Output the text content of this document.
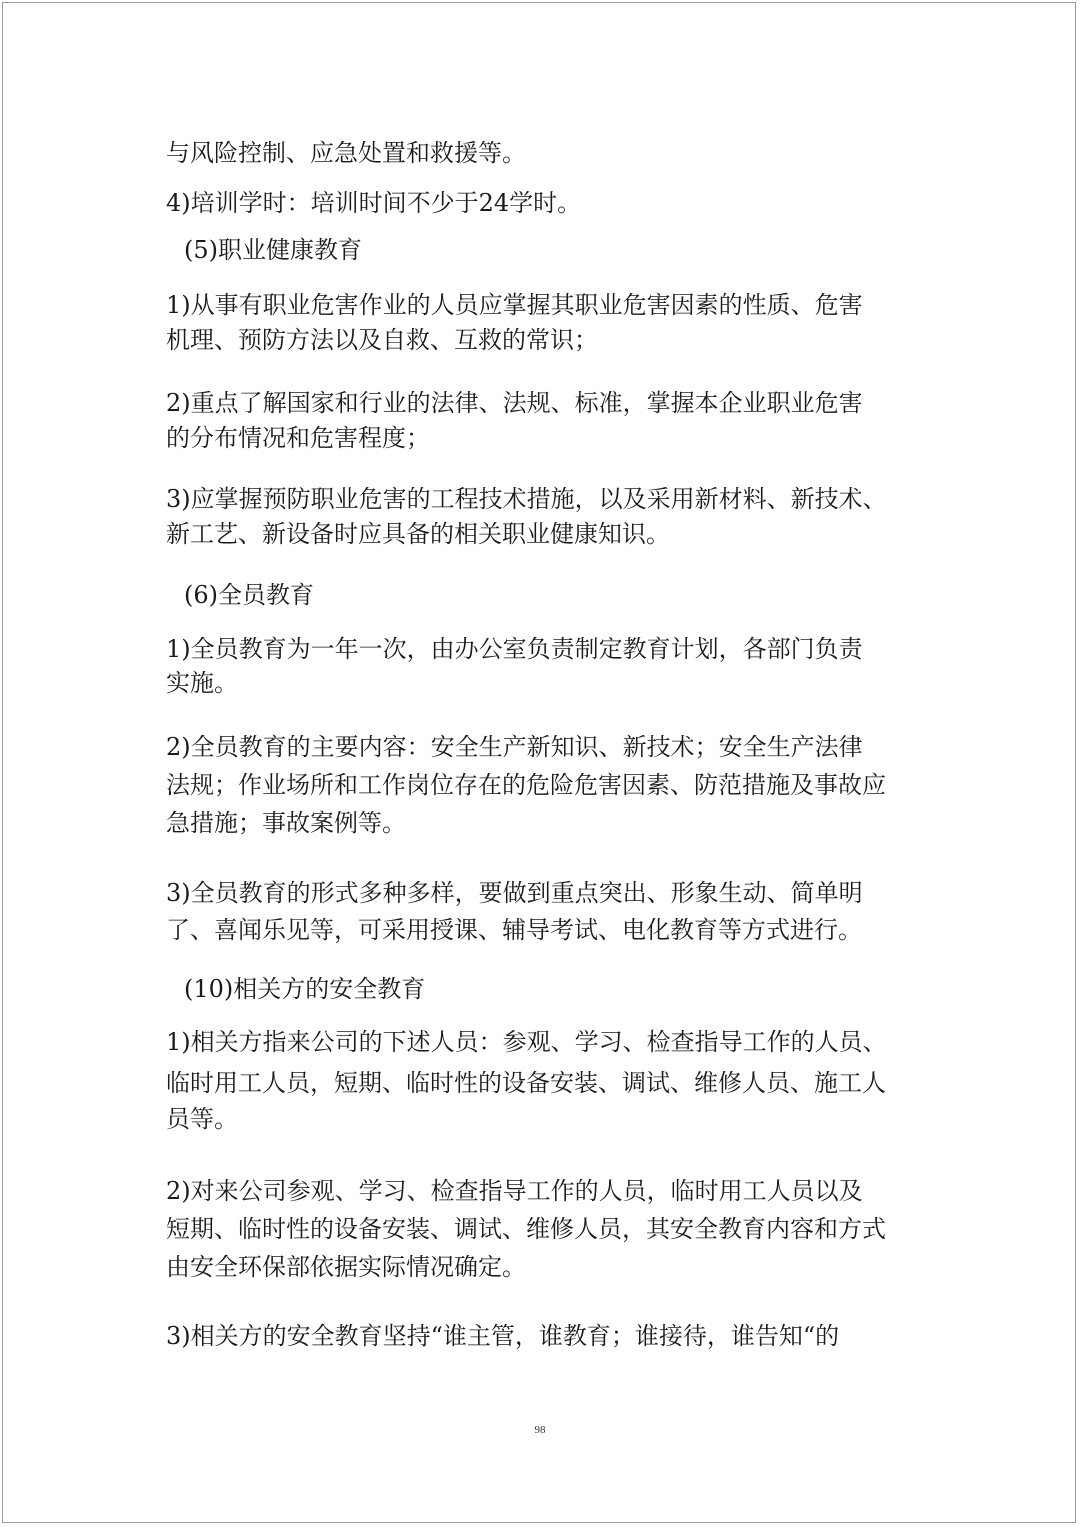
与风险控制、应急处置和救援等。
4)培训学时：培训时间不少于24学时。
(5)职业健康教育
1)从事有职业危害作业的人员应掌握其职业危害因素的性质、危害
机理、预防方法以及自救、互救的常识；
2)重点了解国家和行业的法律、法规、标准，掌握本企业职业危害
的分布情况和危害程度；
3)应掌握预防职业危害的工程技术措施，以及采用新材料、新技术、
新工艺、新设备时应具备的相关职业健康知识。
(6)全员教育
1)全员教育为一年一次，由办公室负责制定教育计划，各部门负责
实施。
2)全员教育的主要内容：安全生产新知识、新技术；安全生产法律
法规；作业场所和工作岗位存在的危险危害因素、防范措施及事故应
急措施；事故案例等。
3)全员教育的形式多种多样，要做到重点突出、形象生动、简单明
了、喜闻乐见等，可采用授课、辅导考试、电化教育等方式进行。
(10)相关方的安全教育
1)相关方指来公司的下述人员：参观、学习、检查指导工作的人员、
临时用工人员，短期、临时性的设备安装、调试、维修人员、施工人
员等。
2)对来公司参观、学习、检查指导工作的人员，临时用工人员以及
短期、临时性的设备安装、调试、维修人员，其安全教育内容和方式
由安全环保部依据实际情况确定。
3)相关方的安全教育坚持“谁主管，谁教育；谁接待，谁告知“的
98
